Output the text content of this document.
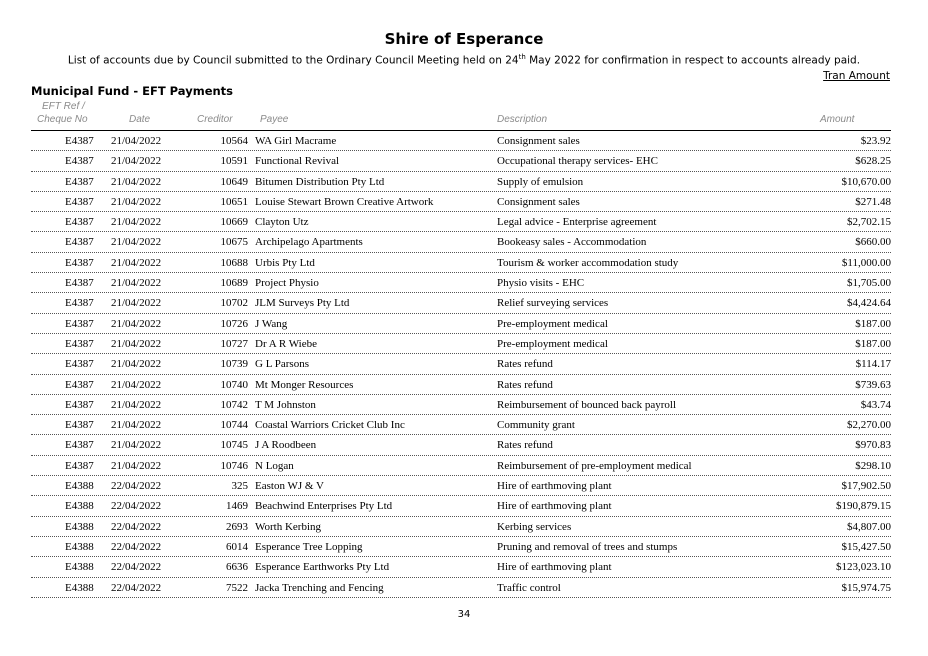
Shire of Esperance
List of accounts due by Council submitted to the Ordinary Council Meeting held on 24th May 2022 for confirmation in respect to accounts already paid.
Tran Amount
Municipal Fund - EFT Payments
EFT Ref /
Cheque No	Date	Creditor	Payee	Description	Amount
E4387 21/04/2022	10564 WA Girl Macrame	Consignment sales	$23.92
E4387 21/04/2022	10591 Functional Revival	Occupational therapy services- EHC	$628.25
E4387 21/04/2022	10649 Bitumen Distribution Pty Ltd	Supply of emulsion	$10,670.00
E4387 21/04/2022	10651 Louise Stewart Brown Creative Artwork	Consignment sales	$271.48
E4387 21/04/2022	10669 Clayton Utz	Legal advice - Enterprise agreement	$2,702.15
E4387 21/04/2022	10675 Archipelago Apartments	Bookeasy sales - Accommodation	$660.00
E4387 21/04/2022	10688 Urbis Pty Ltd	Tourism & worker accommodation study	$11,000.00
E4387 21/04/2022	10689 Project Physio	Physio visits - EHC	$1,705.00
E4387 21/04/2022	10702 JLM Surveys Pty Ltd	Relief surveying services	$4,424.64
E4387 21/04/2022	10726 J Wang	Pre-employment medical	$187.00
E4387 21/04/2022	10727 Dr A R Wiebe	Pre-employment medical	$187.00
E4387 21/04/2022	10739 G L Parsons	Rates refund	$114.17
E4387 21/04/2022	10740 Mt Monger Resources	Rates refund	$739.63
E4387 21/04/2022	10742 T M Johnston	Reimbursement of bounced back payroll	$43.74
E4387 21/04/2022	10744 Coastal Warriors Cricket Club Inc	Community grant	$2,270.00
E4387 21/04/2022	10745 J A Roodbeen	Rates refund	$970.83
E4387 21/04/2022	10746 N Logan	Reimbursement of pre-employment medical	$298.10
E4388 22/04/2022	325 Easton WJ & V	Hire of earthmoving plant	$17,902.50
E4388 22/04/2022	1469 Beachwind Enterprises Pty Ltd	Hire of earthmoving plant	$190,879.15
E4388 22/04/2022	2693 Worth Kerbing	Kerbing services	$4,807.00
E4388 22/04/2022	6014 Esperance Tree Lopping	Pruning and removal of trees and stumps	$15,427.50
E4388 22/04/2022	6636 Esperance Earthworks Pty Ltd	Hire of earthmoving plant	$123,023.10
E4388 22/04/2022	7522 Jacka Trenching and Fencing	Traffic control	$15,974.75
34
